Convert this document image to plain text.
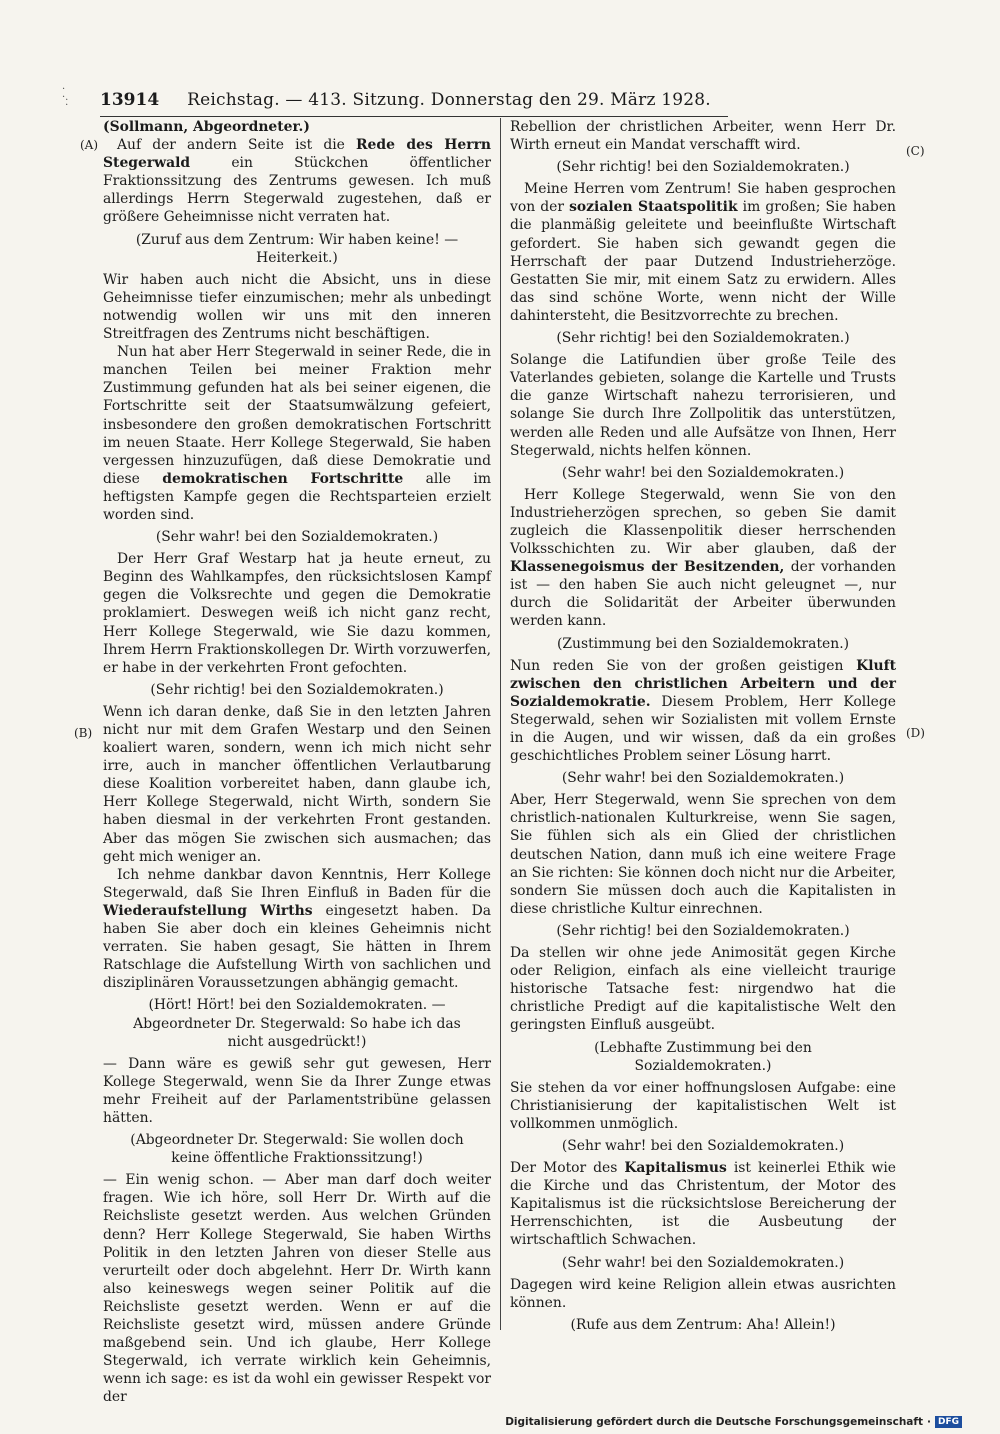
·
·.
· 13914	Reichstag. — 413. Sitzung. Donnerstag den 29. März 1928.
(A)
(B)
(C)
(D)

(Sollmann, Abgeordneter.)

Auf der andern Seite ist die Rede des Herrn Stegerwald ein Stückchen öffentlicher Fraktionssitzung des Zentrums gewesen. Ich muß allerdings Herrn Stegerwald zugestehen, daß er größere Geheimnisse nicht verraten hat.

(Zuruf aus dem Zentrum: Wir haben keine! — Heiterkeit.)

Wir haben auch nicht die Absicht, uns in diese Geheimnisse tiefer einzumischen; mehr als unbedingt notwendig wollen wir uns mit den inneren Streitfragen des Zentrums nicht beschäftigen.

Nun hat aber Herr Stegerwald in seiner Rede, die in manchen Teilen bei meiner Fraktion mehr Zustimmung gefunden hat als bei seiner eigenen, die Fortschritte seit der Staatsumwälzung gefeiert, insbesondere den großen demokratischen Fortschritt im neuen Staate. Herr Kollege Stegerwald, Sie haben vergessen hinzuzufügen, daß diese Demokratie und diese demokratischen Fortschritte alle im heftigsten Kampfe gegen die Rechtsparteien erzielt worden sind.

(Sehr wahr! bei den Sozialdemokraten.)

Der Herr Graf Westarp hat ja heute erneut, zu Beginn des Wahlkampfes, den rücksichtslosen Kampf gegen die Volksrechte und gegen die Demokratie proklamiert. Deswegen weiß ich nicht ganz recht, Herr Kollege Stegerwald, wie Sie dazu kommen, Ihrem Herrn Fraktionskollegen Dr. Wirth vorzuwerfen, er habe in der verkehrten Front gefochten.

(Sehr richtig! bei den Sozialdemokraten.)

Wenn ich daran denke, daß Sie in den letzten Jahren nicht nur mit dem Grafen Westarp und den Seinen koaliert waren, sondern, wenn ich mich nicht sehr irre, auch in mancher öffentlichen Verlautbarung diese Koalition vorbereitet haben, dann glaube ich, Herr Kollege Stegerwald, nicht Wirth, sondern Sie haben diesmal in der verkehrten Front gestanden. Aber das mögen Sie zwischen sich ausmachen; das geht mich weniger an.

Ich nehme dankbar davon Kenntnis, Herr Kollege Stegerwald, daß Sie Ihren Einfluß in Baden für die Wiederaufstellung Wirths eingesetzt haben. Da haben Sie aber doch ein kleines Geheimnis nicht verraten. Sie haben gesagt, Sie hätten in Ihrem Ratschlage die Aufstellung Wirth von sachlichen und disziplinären Voraussetzungen abhängig gemacht.

(Hört! Hört! bei den Sozialdemokraten. — Abgeordneter Dr. Stegerwald: So habe ich das nicht ausgedrückt!)

— Dann wäre es gewiß sehr gut gewesen, Herr Kollege Stegerwald, wenn Sie da Ihrer Zunge etwas mehr Freiheit auf der Parlamentstribüne gelassen hätten.

(Abgeordneter Dr. Stegerwald: Sie wollen doch keine öffentliche Fraktionssitzung!)

— Ein wenig schon. — Aber man darf doch weiter fragen. Wie ich höre, soll Herr Dr. Wirth auf die Reichsliste gesetzt werden. Aus welchen Gründen denn? Herr Kollege Stegerwald, Sie haben Wirths Politik in den letzten Jahren von dieser Stelle aus verurteilt oder doch abgelehnt. Herr Dr. Wirth kann also keineswegs wegen seiner Politik auf die Reichsliste gesetzt werden. Wenn er auf die Reichsliste gesetzt wird, müssen andere Gründe maßgebend sein. Und ich glaube, Herr Kollege Stegerwald, ich verrate wirklich kein Geheimnis, wenn ich sage: es ist da wohl ein gewisser Respekt vor der

Rebellion der christlichen Arbeiter, wenn Herr Dr. Wirth erneut ein Mandat verschafft wird.

(Sehr richtig! bei den Sozialdemokraten.)

Meine Herren vom Zentrum! Sie haben gesprochen von der sozialen Staatspolitik im großen; Sie haben die planmäßig geleitete und beeinflußte Wirtschaft gefordert. Sie haben sich gewandt gegen die Herrschaft der paar Dutzend Industrieherzöge. Gestatten Sie mir, mit einem Satz zu erwidern. Alles das sind schöne Worte, wenn nicht der Wille dahintersteht, die Besitzvorrechte zu brechen.

(Sehr richtig! bei den Sozialdemokraten.)

Solange die Latifundien über große Teile des Vaterlandes gebieten, solange die Kartelle und Trusts die ganze Wirtschaft nahezu terrorisieren, und solange Sie durch Ihre Zollpolitik das unterstützen, werden alle Reden und alle Aufsätze von Ihnen, Herr Stegerwald, nichts helfen können.

(Sehr wahr! bei den Sozialdemokraten.)

Herr Kollege Stegerwald, wenn Sie von den Industrieherzögen sprechen, so geben Sie damit zugleich die Klassenpolitik dieser herrschenden Volksschichten zu. Wir aber glauben, daß der Klassenegoismus der Besitzenden, der vorhanden ist — den haben Sie auch nicht geleugnet —, nur durch die Solidarität der Arbeiter überwunden werden kann.

(Zustimmung bei den Sozialdemokraten.)

Nun reden Sie von der großen geistigen Kluft zwischen den christlichen Arbeitern und der Sozialdemokratie. Diesem Problem, Herr Kollege Stegerwald, sehen wir Sozialisten mit vollem Ernste in die Augen, und wir wissen, daß da ein großes geschichtliches Problem seiner Lösung harrt.

(Sehr wahr! bei den Sozialdemokraten.)

Aber, Herr Stegerwald, wenn Sie sprechen von dem christlich-nationalen Kulturkreise, wenn Sie sagen, Sie fühlen sich als ein Glied der christlichen deutschen Nation, dann muß ich eine weitere Frage an Sie richten: Sie können doch nicht nur die Arbeiter, sondern Sie müssen doch auch die Kapitalisten in diese christliche Kultur einrechnen.

(Sehr richtig! bei den Sozialdemokraten.)

Da stellen wir ohne jede Animosität gegen Kirche oder Religion, einfach als eine vielleicht traurige historische Tatsache fest: nirgendwo hat die christliche Predigt auf die kapitalistische Welt den geringsten Einfluß ausgeübt.

(Lebhafte Zustimmung bei den Sozialdemokraten.)

Sie stehen da vor einer hoffnungslosen Aufgabe: eine Christianisierung der kapitalistischen Welt ist vollkommen unmöglich.

(Sehr wahr! bei den Sozialdemokraten.)

Der Motor des Kapitalismus ist keinerlei Ethik wie die Kirche und das Christentum, der Motor des Kapitalismus ist die rücksichtslose Bereicherung der Herrenschichten, ist die Ausbeutung der wirtschaftlich Schwachen.

(Sehr wahr! bei den Sozialdemokraten.)

Dagegen wird keine Religion allein etwas ausrichten können.

(Rufe aus dem Zentrum: Aha! Allein!)

Digitalisierung gefördert durch die Deutsche Forschungsgemeinschaft · DFG
